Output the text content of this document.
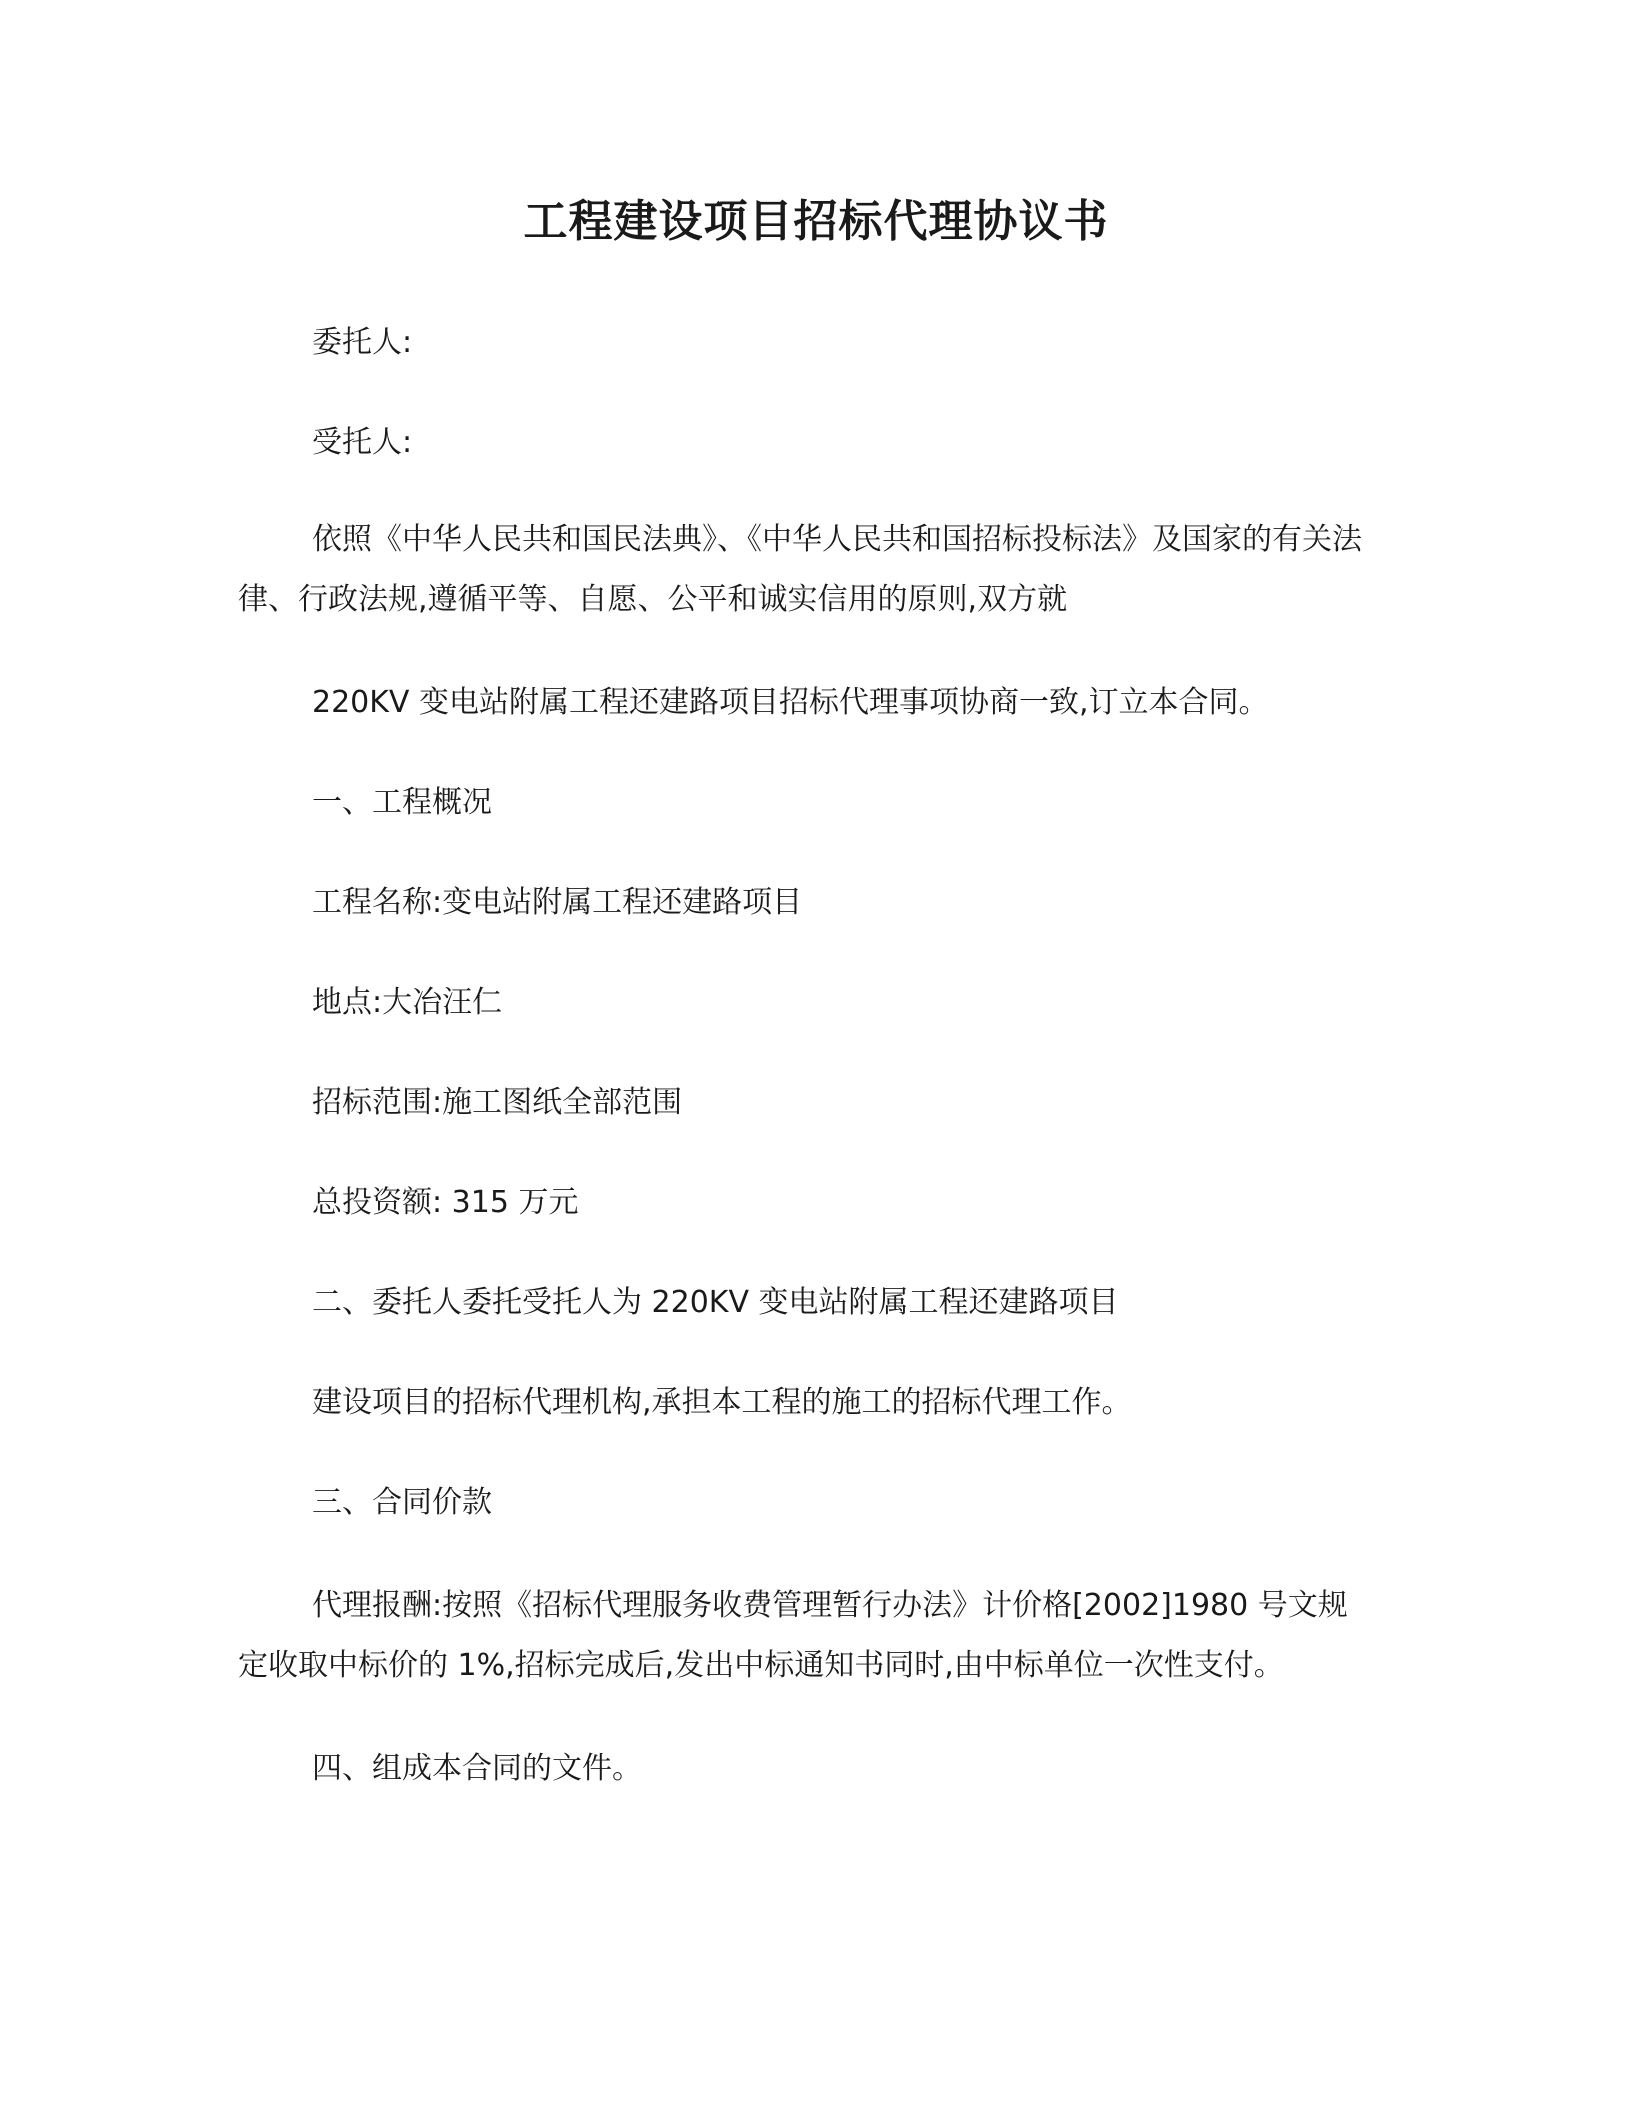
工程建设项目招标代理协议书
委托人:
受托人:
依照《中华人民共和国民法典》、《中华人民共和国招标投标法》及国家的有关法律、行政法规,遵循平等、自愿、公平和诚实信用的原则,双方就
220KV 变电站附属工程还建路项目招标代理事项协商一致,订立本合同。
一、工程概况
工程名称:变电站附属工程还建路项目
地点:大冶汪仁
招标范围:施工图纸全部范围
总投资额: 315 万元
二、委托人委托受托人为 220KV 变电站附属工程还建路项目
建设项目的招标代理机构,承担本工程的施工的招标代理工作。
三、合同价款
代理报酬:按照《招标代理服务收费管理暂行办法》计价格[2002]1980 号文规定收取中标价的 1%,招标完成后,发出中标通知书同时,由中标单位一次性支付。
四、组成本合同的文件。
